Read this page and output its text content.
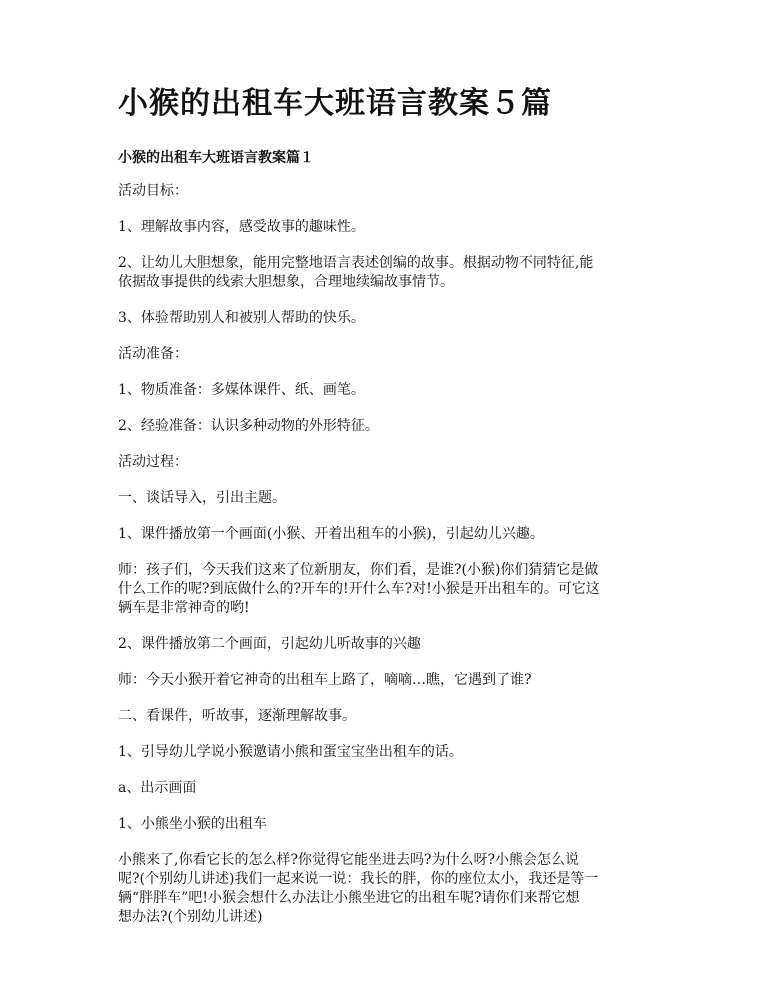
小猴的出租车大班语言教案５篇
小猴的出租车大班语言教案篇１

活动目标：

1、理解故事内容，感受故事的趣味性。

2、让幼儿大胆想象，能用完整地语言表述创编的故事。根据动物不同特征,能
依据故事提供的线索大胆想象，合理地续编故事情节。

3、体验帮助别人和被别人帮助的快乐。

活动准备：

1、物质准备：多媒体课件、纸、画笔。

2、经验准备：认识多种动物的外形特征。

活动过程：

一、谈话导入，引出主题。

1、课件播放第一个画面(小猴、开着出租车的小猴)，引起幼儿兴趣。

师：孩子们，今天我们这来了位新朋友，你们看，是谁?(小猴)你们猜猜它是做
什么工作的呢?到底做什么的?开车的!开什么车?对!小猴是开出租车的。可它这
辆车是非常神奇的哟!

2、课件播放第二个画面，引起幼儿听故事的兴趣

师：今天小猴开着它神奇的出租车上路了，嘀嘀…瞧，它遇到了谁?

二、看课件，听故事，逐渐理解故事。

1、引导幼儿学说小猴邀请小熊和蛋宝宝坐出租车的话。

a、出示画面

1、小熊坐小猴的出租车

小熊来了,你看它长的怎么样?你觉得它能坐进去吗?为什么呀?小熊会怎么说
呢?(个别幼儿讲述)我们一起来说一说：我长的胖，你的座位太小，我还是等一
辆“胖胖车”吧!小猴会想什么办法让小熊坐进它的出租车呢?请你们来帮它想
想办法?(个别幼儿讲述)
